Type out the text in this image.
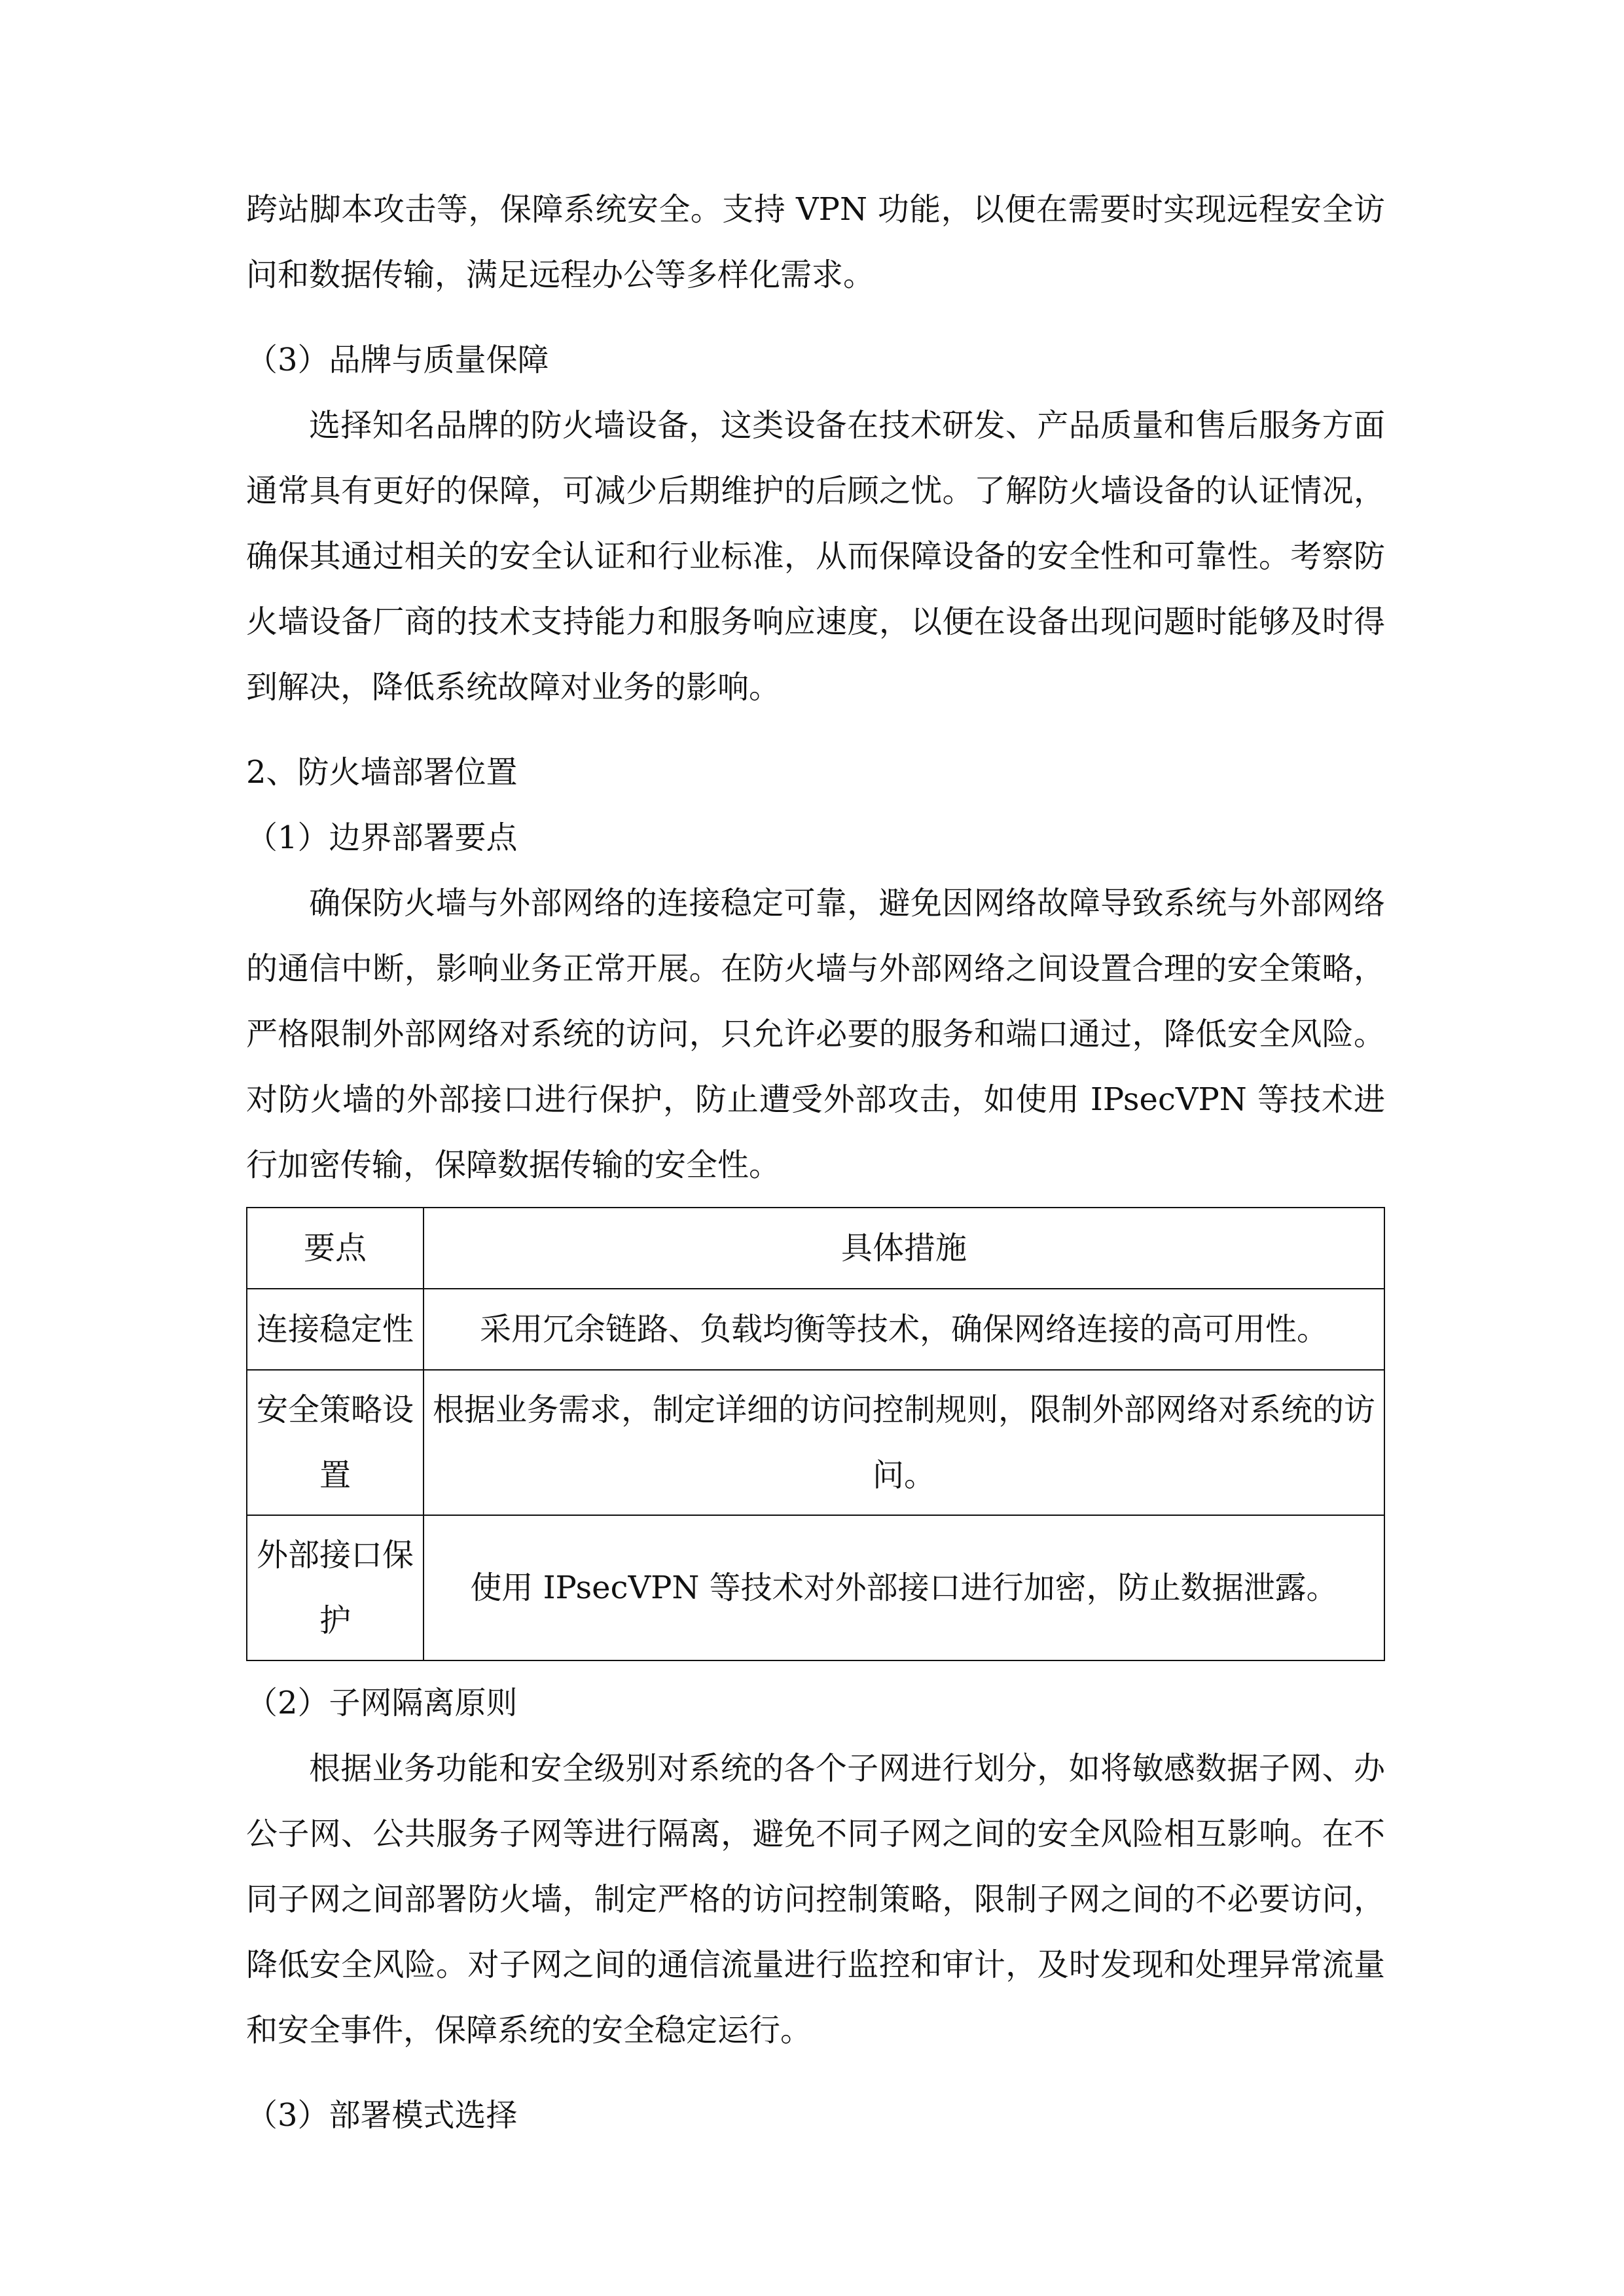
跨站脚本攻击等，保障系统安全。支持 VPN 功能，以便在需要时实现远程安全访问和数据传输，满足远程办公等多样化需求。

（3）品牌与质量保障

选择知名品牌的防火墙设备，这类设备在技术研发、产品质量和售后服务方面通常具有更好的保障，可减少后期维护的后顾之忧。了解防火墙设备的认证情况，确保其通过相关的安全认证和行业标准，从而保障设备的安全性和可靠性。考察防火墙设备厂商的技术支持能力和服务响应速度，以便在设备出现问题时能够及时得到解决，降低系统故障对业务的影响。

2、防火墙部署位置

（1）边界部署要点

确保防火墙与外部网络的连接稳定可靠，避免因网络故障导致系统与外部网络的通信中断，影响业务正常开展。在防火墙与外部网络之间设置合理的安全策略，严格限制外部网络对系统的访问，只允许必要的服务和端口通过，降低安全风险。对防火墙的外部接口进行保护，防止遭受外部攻击，如使用 IPsecVPN 等技术进行加密传输，保障数据传输的安全性。

要点	具体措施
连接稳定性	采用冗余链路、负载均衡等技术，确保网络连接的高可用性。
安全策略设置	根据业务需求，制定详细的访问控制规则，限制外部网络对系统的访问。
外部接口保护	使用 IPsecVPN 等技术对外部接口进行加密，防止数据泄露。

（2）子网隔离原则

根据业务功能和安全级别对系统的各个子网进行划分，如将敏感数据子网、办公子网、公共服务子网等进行隔离，避免不同子网之间的安全风险相互影响。在不同子网之间部署防火墙，制定严格的访问控制策略，限制子网之间的不必要访问，降低安全风险。对子网之间的通信流量进行监控和审计，及时发现和处理异常流量和安全事件，保障系统的安全稳定运行。

（3）部署模式选择
